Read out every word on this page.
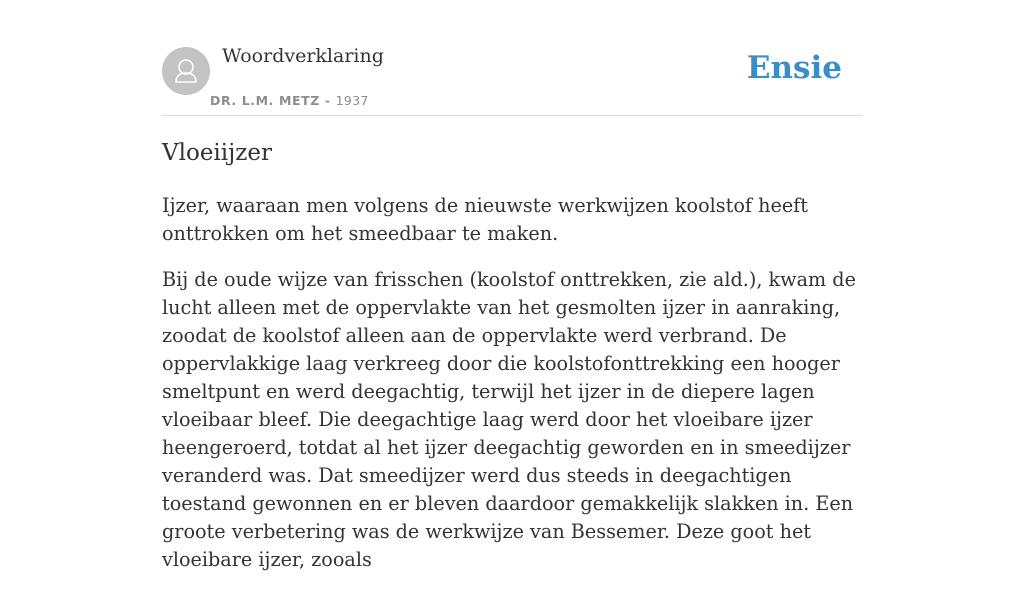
Woordverklaring
DR. L.M. METZ - 1937
Ensie
Vloeiijzer

Ijzer, waaraan men volgens de nieuwste werkwijzen koolstof heeft onttrokken om het smeedbaar te maken.

Bij de oude wijze van frisschen (koolstof onttrekken, zie ald.), kwam de lucht alleen met de oppervlakte van het gesmolten ijzer in aanraking, zoodat de koolstof alleen aan de oppervlakte werd verbrand. De oppervlakkige laag verkreeg door die koolstofonttrekking een hooger smeltpunt en werd deegachtig, terwijl het ijzer in de diepere lagen vloeibaar bleef. Die deegachtige laag werd door het vloeibare ijzer heengeroerd, totdat al het ijzer deegachtig geworden en in smeedijzer veranderd was. Dat smeedijzer werd dus steeds in deegachtigen toestand gewonnen en er bleven daardoor gemakkelijk slakken in. Een groote verbetering was de werkwijze van Bessemer. Deze goot het vloeibare ijzer, zooals
